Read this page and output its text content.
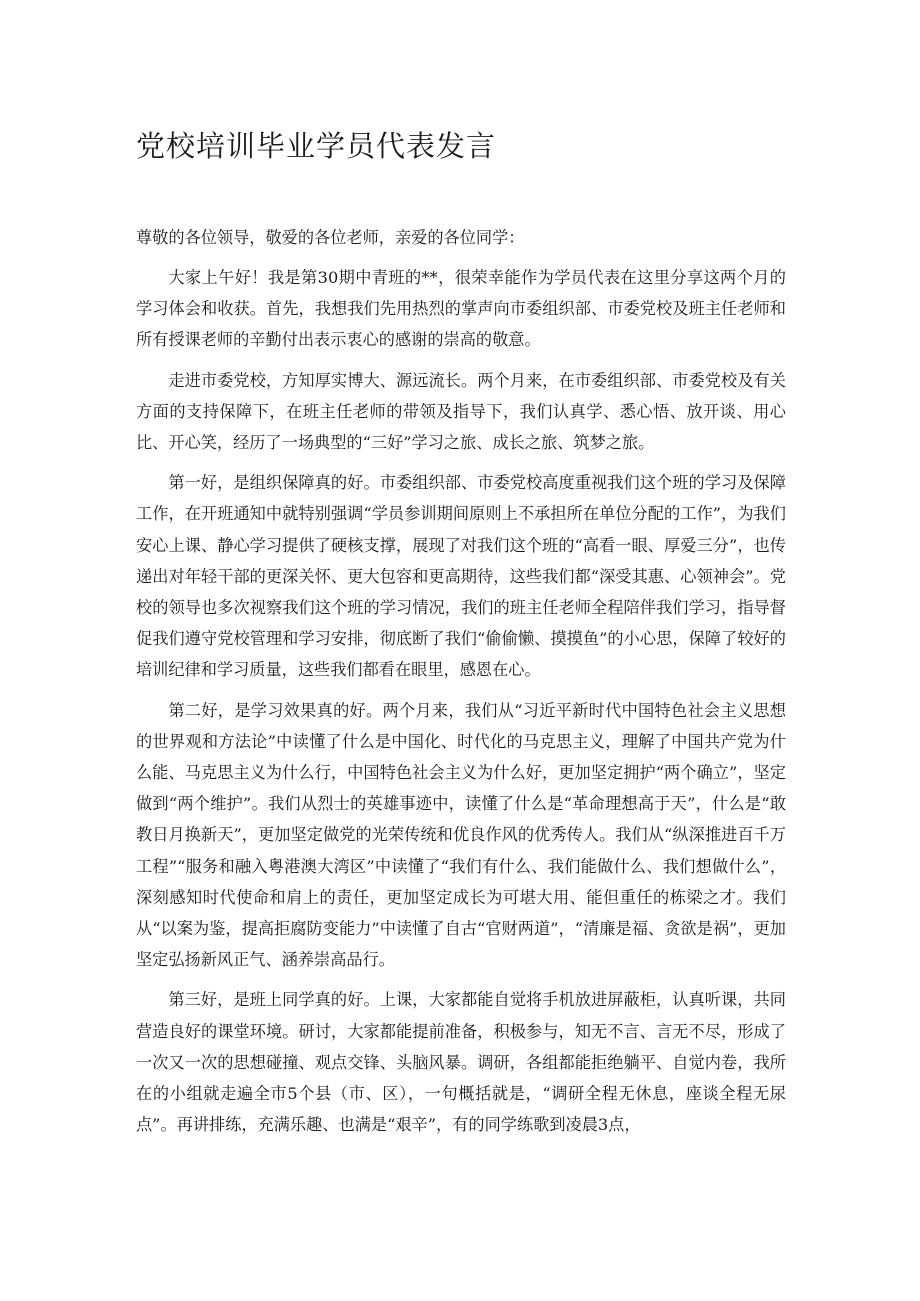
党校培训毕业学员代表发言

尊敬的各位领导，敬爱的各位老师，亲爱的各位同学：

大家上午好！我是第30期中青班的**，很荣幸能作为学员代表在这里分享这两个月的学习体会和收获。首先，我想我们先用热烈的掌声向市委组织部、市委党校及班主任老师和所有授课老师的辛勤付出表示衷心的感谢的崇高的敬意。

走进市委党校，方知厚实博大、源远流长。两个月来，在市委组织部、市委党校及有关方面的支持保障下，在班主任老师的带领及指导下，我们认真学、悉心悟、放开谈、用心比、开心笑，经历了一场典型的“三好”学习之旅、成长之旅、筑梦之旅。

第一好，是组织保障真的好。市委组织部、市委党校高度重视我们这个班的学习及保障工作，在开班通知中就特别强调“学员参训期间原则上不承担所在单位分配的工作”，为我们安心上课、静心学习提供了硬核支撑，展现了对我们这个班的“高看一眼、厚爱三分”，也传递出对年轻干部的更深关怀、更大包容和更高期待，这些我们都“深受其惠、心领神会”。党校的领导也多次视察我们这个班的学习情况，我们的班主任老师全程陪伴我们学习，指导督促我们遵守党校管理和学习安排，彻底断了我们“偷偷懒、摸摸鱼”的小心思，保障了较好的培训纪律和学习质量，这些我们都看在眼里，感恩在心。

第二好，是学习效果真的好。两个月来，我们从“习近平新时代中国特色社会主义思想的世界观和方法论”中读懂了什么是中国化、时代化的马克思主义，理解了中国共产党为什么能、马克思主义为什么行，中国特色社会主义为什么好，更加坚定拥护“两个确立”，坚定做到“两个维护”。我们从烈士的英雄事迹中，读懂了什么是“革命理想高于天”，什么是“敢教日月换新天”，更加坚定做党的光荣传统和优良作风的优秀传人。我们从“纵深推进百千万工程”“服务和融入粤港澳大湾区”中读懂了“我们有什么、我们能做什么、我们想做什么”，深刻感知时代使命和肩上的责任，更加坚定成长为可堪大用、能但重任的栋梁之才。我们从“以案为鉴，提高拒腐防变能力”中读懂了自古“官财两道”，“清廉是福、贪欲是祸”，更加坚定弘扬新风正气、涵养崇高品行。

第三好，是班上同学真的好。上课，大家都能自觉将手机放进屏蔽柜，认真听课，共同营造良好的课堂环境。研讨，大家都能提前准备，积极参与，知无不言、言无不尽，形成了一次又一次的思想碰撞、观点交锋、头脑风暴。调研，各组都能拒绝躺平、自觉内卷，我所在的小组就走遍全市5个县（市、区），一句概括就是，“调研全程无休息，座谈全程无尿点”。再讲排练，充满乐趣、也满是“艰辛”，有的同学练歌到凌晨3点，
